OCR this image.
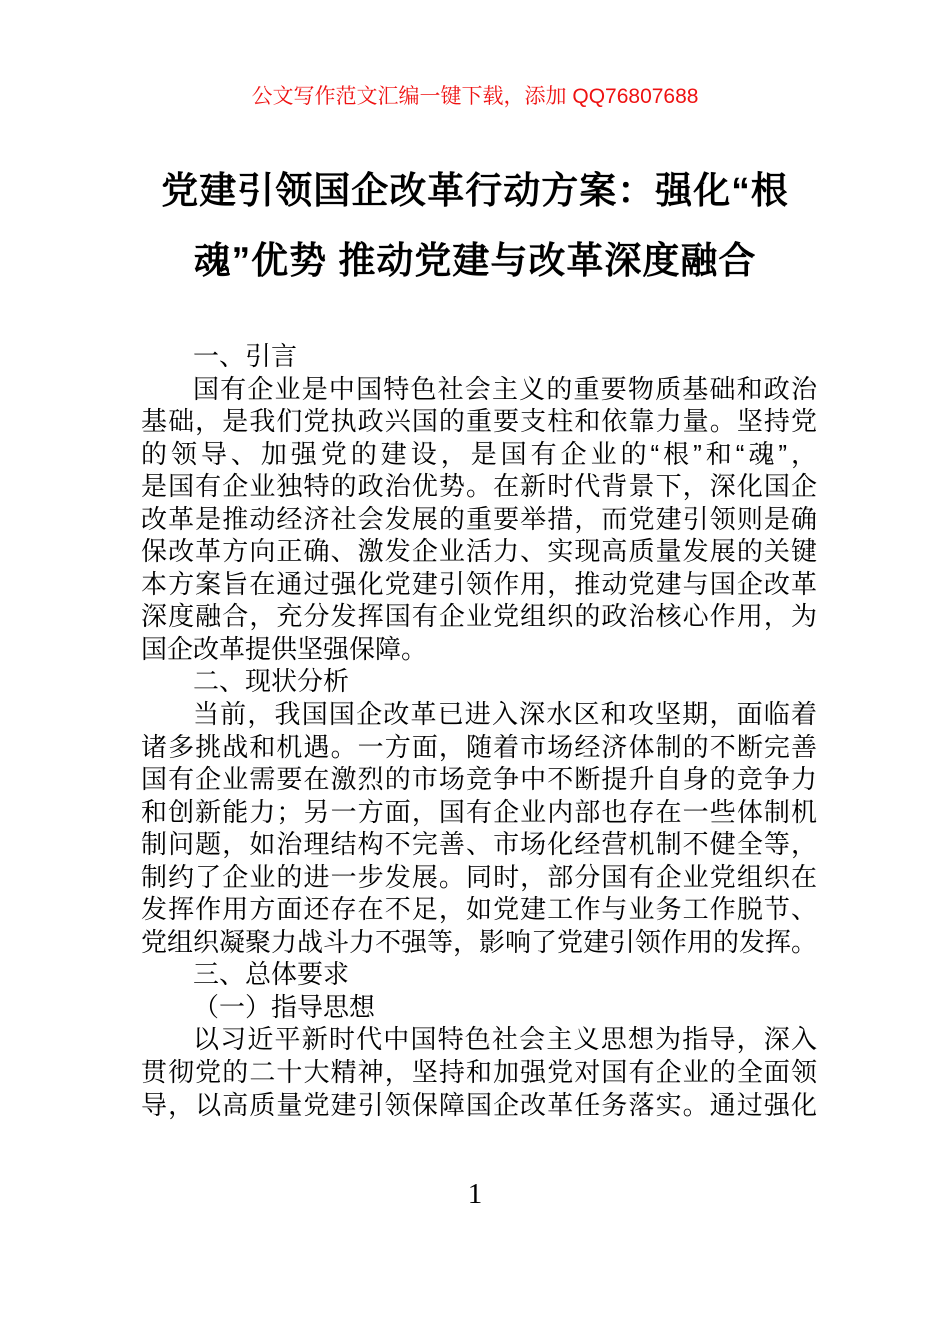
公文写作范文汇编一键下载，添加 QQ76807688
党建引领国企改革行动方案：强化“根
魂”优势 推动党建与改革深度融合
一、引言
国有企业是中国特色社会主义的重要物质基础和政治
基础，是我们党执政兴国的重要支柱和依靠力量。坚持党
的领导、加强党的建设，是国有企业的“根”和“魂”，
是国有企业独特的政治优势。在新时代背景下，深化国企
改革是推动经济社会发展的重要举措，而党建引领则是确
保改革方向正确、激发企业活力、实现高质量发展的关键
本方案旨在通过强化党建引领作用，推动党建与国企改革
深度融合，充分发挥国有企业党组织的政治核心作用，为
国企改革提供坚强保障。
二、现状分析
当前，我国国企改革已进入深水区和攻坚期，面临着
诸多挑战和机遇。一方面，随着市场经济体制的不断完善
国有企业需要在激烈的市场竞争中不断提升自身的竞争力
和创新能力；另一方面，国有企业内部也存在一些体制机
制问题，如治理结构不完善、市场化经营机制不健全等，
制约了企业的进一步发展。同时，部分国有企业党组织在
发挥作用方面还存在不足，如党建工作与业务工作脱节、
党组织凝聚力战斗力不强等，影响了党建引领作用的发挥。
三、总体要求
（一）指导思想
以习近平新时代中国特色社会主义思想为指导，深入
贯彻党的二十大精神，坚持和加强党对国有企业的全面领
导，以高质量党建引领保障国企改革任务落实。通过强化
1
